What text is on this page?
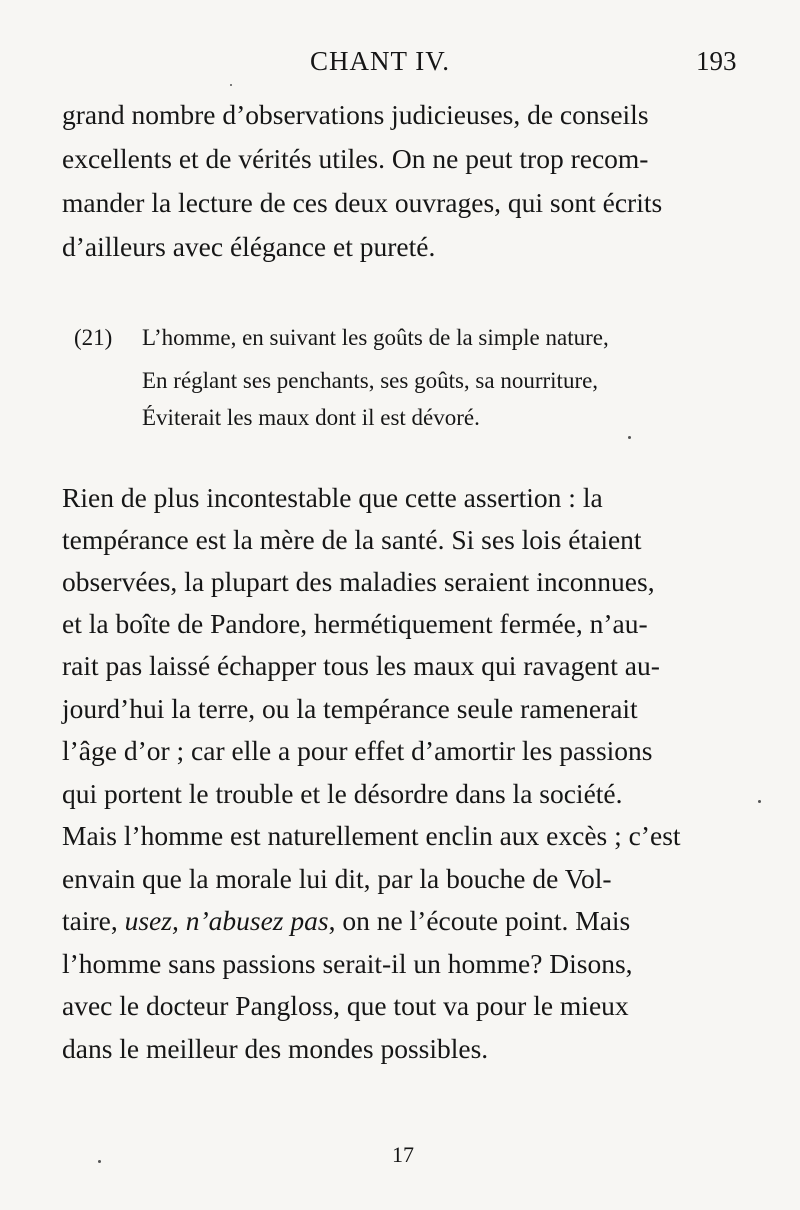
CHANT IV.	193
grand nombre d’observations judicieuses, de conseils
excellents et de vérités utiles. On ne peut trop recom-
mander la lecture de ces deux ouvrages, qui sont écrits
d’ailleurs avec élégance et pureté.
(21) L’homme, en suivant les goûts de la simple nature,
En réglant ses penchants, ses goûts, sa nourriture,
Éviterait les maux dont il est dévoré.
Rien de plus incontestable que cette assertion : la
tempérance est la mère de la santé. Si ses lois étaient
observées, la plupart des maladies seraient inconnues,
et la boîte de Pandore, hermétiquement fermée, n’au-
rait pas laissé échapper tous les maux qui ravagent au-
jourd’hui la terre, ou la tempérance seule ramenerait
l’âge d’or ; car elle a pour effet d’amortir les passions
qui portent le trouble et le désordre dans la société.
Mais l’homme est naturellement enclin aux excès ; c’est
envain que la morale lui dit, par la bouche de Vol-
taire, usez, n’abusez pas, on ne l’écoute point. Mais
l’homme sans passions serait-il un homme? Disons,
avec le docteur Pangloss, que tout va pour le mieux
dans le meilleur des mondes possibles.
17
